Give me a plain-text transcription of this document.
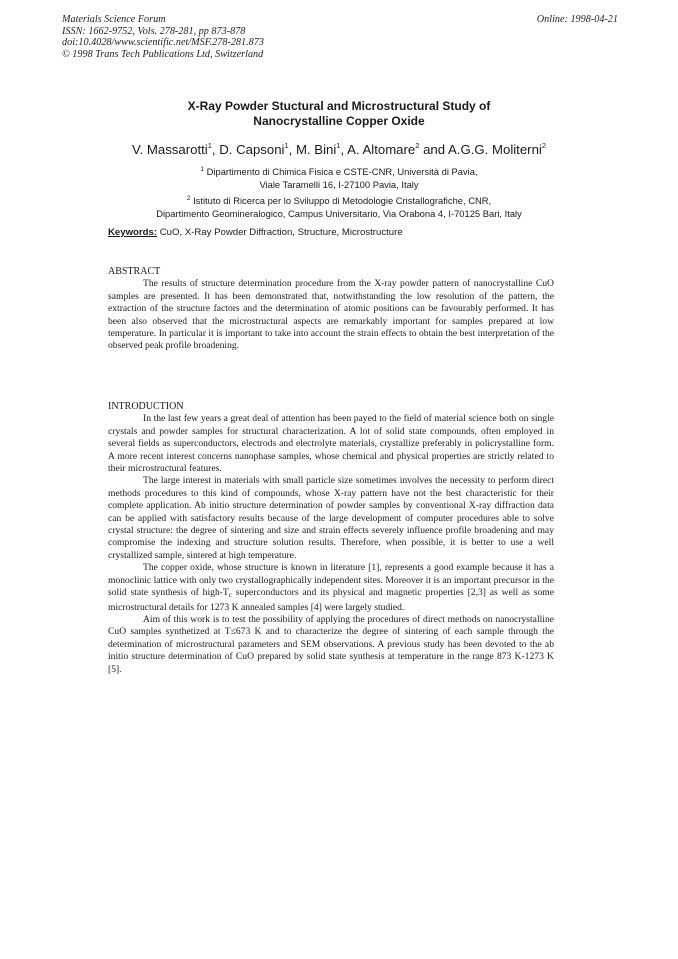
Materials Science Forum
ISSN: 1662-9752, Vols. 278-281, pp 873-878
doi:10.4028/www.scientific.net/MSF.278-281.873
© 1998 Trans Tech Publications Ltd, Switzerland
Online: 1998-04-21
X-Ray Powder Stuctural and Microstructural Study of
Nanocrystalline Copper Oxide
V. Massarotti$^1$, D. Capsoni$^1$, M. Bini$^1$, A. Altomare$^2$ and A.G.G. Moliterni$^2$
$^1$ Dipartimento di Chimica Fisica e CSTE-CNR, Università di Pavia,
Viale Taramelli 16, I-27100 Pavia, Italy
$^2$ Istituto di Ricerca per lo Sviluppo di Metodologie Cristallografiche, CNR,
Dipartimento Geomineralogico, Campus Universitario, Via Orabona 4, I-70125 Bari, Italy
Keywords: CuO, X-Ray Powder Diffraction, Structure, Microstructure
ABSTRACT

The results of structure determination procedure from the X-ray powder pattern of nanocrystalline CuO samples are presented. It has been demonstrated that, notwithstanding the low resolution of the pattern, the extraction of the structure factors and the determination of atomic positions can be favourably performed. It has been also observed that the microstructural aspects are remarkably important for samples prepared at low temperature. In particular it is important to take into account the strain effects to obtain the best interpretation of the observed peak profile broadening.

INTRODUCTION

In the last few years a great deal of attention has been payed to the field of material science both on single crystals and powder samples for structural characterization. A lot of solid state compounds, often employed in several fields as superconductors, electrods and electrolyte materials, crystallize preferably in policrystalline form. A more recent interest concerns nanophase samples, whose chemical and physical properties are strictly related to their microstructural features.

The large interest in materials with small particle size sometimes involves the necessity to perform direct methods procedures to this kind of compounds, whose X-ray pattern have not the best characteristic for their complete application. Ab initio structure determination of powder samples by conventional X-ray diffraction data can be applied with satisfactory results because of the large development of computer procedures able to solve crystal structure: the degree of sintering and size and strain effects severely influence profile broadening and may compromise the indexing and structure solution results. Therefore, when possible, it is better to use a well crystallized sample, sintered at high temperature.

The copper oxide, whose structure is known in literature [1], represents a good example because it has a monoclinic lattice with only two crystallographically independent sites. Moreover it is an important precursor in the solid state synthesis of high-$T_c$ superconductors and its physical and magnetic properties [2,3] as well as some microstructural details for 1273 K annealed samples [4] were largely studied.

Aim of this work is to test the possibility of applying the procedures of direct methods on nanocrystalline CuO samples synthetized at T≤673 K and to characterize the degree of sintering of each sample through the determination of microstructural parameters and SEM observations. A previous study has been devoted to the ab initio structure determination of CuO prepared by solid state synthesis at temperature in the range 873 K-1273 K [5].
